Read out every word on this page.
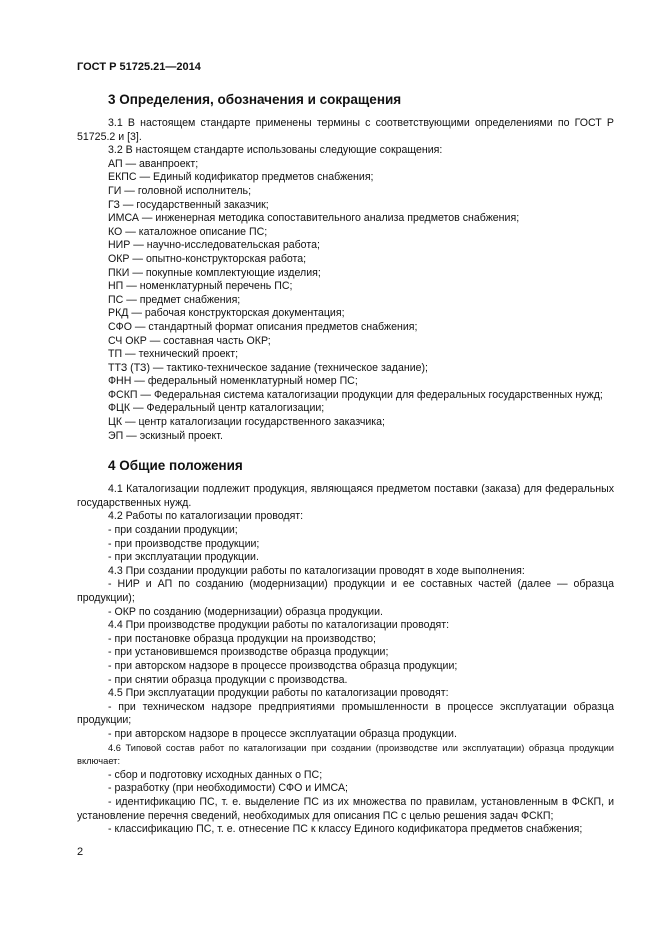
ГОСТ Р 51725.21—2014
3 Определения, обозначения и сокращения

3.1 В настоящем стандарте применены термины с соответствующими определениями по ГОСТ Р 51725.2 и [3].

3.2 В настоящем стандарте использованы следующие сокращения:

АП — аванпроект;

ЕКПС — Единый кодификатор предметов снабжения;

ГИ — головной исполнитель;

ГЗ — государственный заказчик;

ИМСА — инженерная методика сопоставительного анализа предметов снабжения;

КО — каталожное описание ПС;

НИР — научно-исследовательская работа;

ОКР — опытно-конструкторская работа;

ПКИ — покупные комплектующие изделия;

НП — номенклатурный перечень ПС;

ПС — предмет снабжения;

РКД — рабочая конструкторская документация;

СФО — стандартный формат описания предметов снабжения;

СЧ ОКР — составная часть ОКР;

ТП — технический проект;

ТТЗ (ТЗ) — тактико-техническое задание (техническое задание);

ФНН — федеральный номенклатурный номер ПС;

ФСКП — Федеральная система каталогизации продукции для федеральных государственных нужд;

ФЦК — Федеральный центр каталогизации;

ЦК — центр каталогизации государственного заказчика;

ЭП — эскизный проект.

4 Общие положения

4.1 Каталогизации подлежит продукция, являющаяся предметом поставки (заказа) для федеральных государственных нужд.

4.2 Работы по каталогизации проводят:

- при создании продукции;

- при производстве продукции;

- при эксплуатации продукции.

4.3 При создании продукции работы по каталогизации проводят в ходе выполнения:

- НИР и АП по созданию (модернизации) продукции и ее составных частей (далее — образца продукции);

- ОКР по созданию (модернизации) образца продукции.

4.4 При производстве продукции работы по каталогизации проводят:

- при постановке образца продукции на производство;

- при установившемся производстве образца продукции;

- при авторском надзоре в процессе производства образца продукции;

- при снятии образца продукции с производства.

4.5 При эксплуатации продукции работы по каталогизации проводят:

- при техническом надзоре предприятиями промышленности в процессе эксплуатации образца продукции;

- при авторском надзоре в процессе эксплуатации образца продукции.

4.6 Типовой состав работ по каталогизации при создании (производстве или эксплуатации) образца продукции включает:

- сбор и подготовку исходных данных о ПС;

- разработку (при необходимости) СФО и ИМСА;

- идентификацию ПС, т. е. выделение ПС из их множества по правилам, установленным в ФСКП, и установление перечня сведений, необходимых для описания ПС с целью решения задач ФСКП;

- классификацию ПС, т. е. отнесение ПС к классу Единого кодификатора предметов снабжения;

2
